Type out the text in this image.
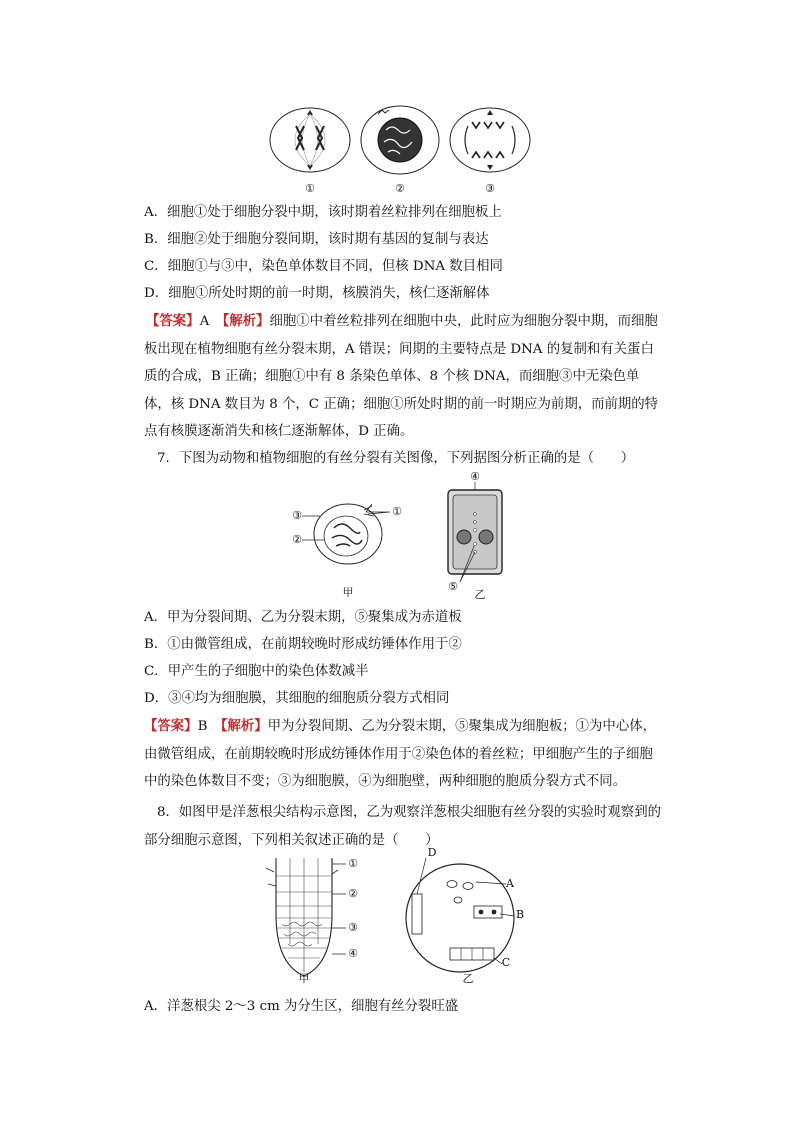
①	②	③
A．细胞①处于细胞分裂中期，该时期着丝粒排列在细胞板上
B．细胞②处于细胞分裂间期，该时期有基因的复制与表达
C．细胞①与③中，染色单体数目不同，但核 DNA 数目相同
D．细胞①所处时期的前一时期，核膜消失，核仁逐渐解体
【答案】A　 【解析】细胞①中着丝粒排列在细胞中央，此时应为细胞分裂中期，而细胞板出现在植物细胞有丝分裂末期，A 错误；间期的主要特点是 DNA 的复制和有关蛋白质的合成，B 正确；细胞①中有 8 条染色单体、8 个核 DNA，而细胞③中无染色单体，核 DNA 数目为 8 个，C 正确；细胞①所处时期的前一时期应为前期，而前期的特点有核膜逐渐消失和核仁逐渐解体，D 正确。
7．下图为动物和植物细胞的有丝分裂有关图像，下列据图分析正确的是（　　）
③
②
①
④
⑤
甲	乙
A．甲为分裂间期、乙为分裂末期，⑤聚集成为赤道板
B．①由微管组成，在前期较晚时形成纺锤体作用于②
C．甲产生的子细胞中的染色体数减半
D．③④均为细胞膜，其细胞的细胞质分裂方式相同
【答案】B　 【解析】甲为分裂间期、乙为分裂末期，⑤聚集成为细胞板；①为中心体，由微管组成，在前期较晚时形成纺锤体作用于②染色体的着丝粒；甲细胞产生的子细胞中的染色体数目不变；③为细胞膜，④为细胞壁，两种细胞的胞质分裂方式不同。
8．如图甲是洋葱根尖结构示意图，乙为观察洋葱根尖细胞有丝分裂的实验时观察到的部分细胞示意图，下列相关叙述正确的是（　　）
①
②
③
④
D
A
B
C
甲	乙
A．洋葱根尖 2～3 cm 为分生区，细胞有丝分裂旺盛
